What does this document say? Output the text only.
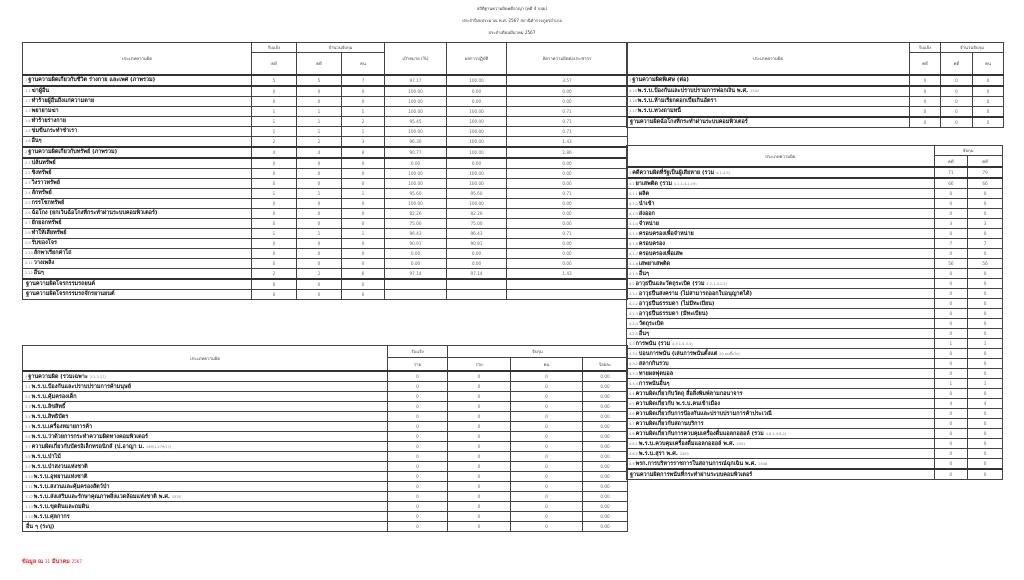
สถิติฐานความผิดคดีอาญา (คดี 4 กลุ่ม)
ประจำปีงบประมาณ พ.ศ. 2567 สถานีตำรวจภูธรอำเภอ
ประจำเดือนมีนาคม 2567
ประเภทความผิด	รับแจ้ง	จำนวนจับกุม		เป้าหมาย (%)	ผลการปฏิบัติ	อัตราความผิดต่อประชากร
	คดี	คดี	คน			
1ฐานความผิดเกี่ยวกับชีวิต ร่างกาย และเพศ (ภาพรวม)	5	5	7	97.17	100.00	3.57
1.1ฆ่าผู้อื่น	0	0	0	100.00	0.00	0.00
1.2ทำร้ายผู้อื่นถึงแก่ความตาย	0	0	0	100.00	0.00	0.00
1.3พยายามฆ่า	1	1	1	100.00	100.00	0.71
1.4ทำร้ายร่างกาย	1	1	2	95.45	100.00	0.71
1.5ข่มขืนกระทำชำเรา	1	1	1	100.00	100.00	0.71
1.6อื่นๆ	2	2	3	96.30	100.00	1.43
2ฐานความผิดเกี่ยวกับทรัพย์ (ภาพรวม)	4	4	8	90.77	100.00	2.86
2.1ปล้นทรัพย์	0	0	0	0.00	0.00	0.00
2.2ชิงทรัพย์	0	0	0	100.00	100.00	0.00
2.3วิ่งราวทรัพย์	0	0	0	100.00	100.00	0.00
2.4ลักทรัพย์	1	1	1	95.60	95.60	0.71
2.5กรรโชกทรัพย์	0	0	0	100.00	100.00	0.00
2.6ฉ้อโกง (ยกเว้นฉ้อโกงที่กระทำผ่านระบบคอมพิวเตอร์)	0	0	0	82.26	82.26	0.00
2.7ยักยอกทรัพย์	0	0	0	75.00	75.00	0.00
2.8ทำให้เสียทรัพย์	1	1	1	96.43	96.43	0.71
2.9รับของโจร	0	0	0	90.91	90.91	0.00
2.10ลักพาเรียกค่าไถ่	0	0	0	0.00	0.00	0.00
2.11วางเพลิง	0	0	0	0.00	0.00	0.00
2.12อื่นๆ	2	2	6	97.14	97.14	1.43
ฐานความผิดโจรกรรมรถยนต์	0	0	0			
ฐานความผิดโจรกรรมรถจักรยานยนต์	0	0	0			
ประเภทความผิด	รับแจ้ง	จับกุม		
	ราย	ราย	คน	ร้อยละ
3ฐานความผิด (รวมเฉพาะ 3.1-3.17)	0	0	0	0.00
3.1พ.ร.บ.ป้องกันและปราบปรามการค้ามนุษย์	0	0	0	0.00
3.2พ.ร.บ.คุ้มครองเด็ก	0	0	0	0.00
3.3พ.ร.บ.ลิขสิทธิ์	0	0	0	0.00
3.4พ.ร.บ.สิทธิบัตร	0	0	0	0.00
3.5พ.ร.บ.เครื่องหมายการค้า	0	0	0	0.00
3.6พ.ร.บ.ว่าด้วยการกระทำความผิดทางคอมพิวเตอร์	0	0	0	0.00
3.7ความผิดเกี่ยวกับบัตรอิเล็กทรอนิกส์ (ป.อาญา ม. 269/1-279/17)	0	0	0	0.00
3.8พ.ร.บ.ป่าไม้	0	0	0	0.00
3.9พ.ร.บ.ป่าสงวนแห่งชาติ	0	0	0	0.00
3.10พ.ร.บ.อุทยานแห่งชาติ	0	0	0	0.00
3.11พ.ร.บ.สงวนและคุ้มครองสัตว์ป่า	0	0	0	0.00
3.12พ.ร.บ.ส่งเสริมและรักษาคุณภาพสิ่งแวดล้อมแห่งชาติ พ.ศ. 2535	0	0	0	0.00
3.13พ.ร.บ.ขุดดินและถมดิน	0	0	0	0.00
3.14พ.ร.บ.ศุลกากร	0	0	0	0.00
อื่น ๆ (ระบุ)	0	0	0	0.00
ประเภทความผิด	รับแจ้ง	จำนวนจับกุม	
	คดี	คดี	คน
3ฐานความผิดพิเศษ (ต่อ)	0	0	0
3.15พ.ร.บ.ป้องกันและปราบปรามการฟอกเงิน พ.ศ. 2542	0	0	0
3.16พ.ร.บ.ห้ามเรียกดอกเบี้ยเกินอัตรา	0	0	0
3.17พ.ร.บ.ทวงถามหนี้	0	0	0
ฐานความผิดฉ้อโกงที่กระทำผ่านระบบคอมพิวเตอร์	0	0	0
ประเภทความผิด	จับกุม	
	คดี	คดี
4คดีความผิดที่รัฐเป็นผู้เสียหาย (รวม 4.1-4.9)	71	79
4.1ยาเสพติด (รวม 4.1.1-4.1.19)	66	66
4.1.1ผลิต	0	0
4.1.2นำเข้า	0	0
4.1.3ส่งออก	0	0
4.1.4จำหน่าย	3	3
4.1.5ครอบครองเพื่อจำหน่าย	0	0
4.1.6ครอบครอง	7	7
4.1.7ครอบครองเพื่อเสพ	0	0
4.1.8เสพยาเสพติด	56	56
4.1.9อื่นๆ	0	0
4.2อาวุธปืนและวัตถุระเบิด (รวม 4.2.1-4.2.5)	0	0
4.2.1อาวุธปืนสงคราม (ไม่สามารถออกใบอนุญาตได้)	0	0
4.2.2อาวุธปืนธรรมดา (ไม่มีทะเบียน)	0	0
4.2.3อาวุธปืนธรรมดา (มีทะเบียน)	0	0
4.2.4วัตถุระเบิด	0	0
4.2.5อื่นๆ	0	0
4.3การพนัน (รวม 4.3.1-4.3.4)	1	1
4.3.1บ่อนการพนัน (เล่นการพนันตั้งแต่ 20 คนขึ้นไป)	0	0
4.3.2สลากกินรวบ	0	0
4.3.3ทายผลฟุตบอล	0	0
4.3.4การพนันอื่นๆ	1	1
4.4ความผิดเกี่ยวกับวัตถุ สื่อสิ่งพิมพ์ลามกอนาจาร	0	0
4.5ความผิดเกี่ยวกับ พ.ร.บ.คนเข้าเมือง	4	4
4.6ความผิดเกี่ยวกับการป้องกันและปราบปรามการค้าประเวณี	0	0
4.7ความผิดเกี่ยวกับสถานบริการ	0	0
4.8ความผิดเกี่ยวกับการควบคุมเครื่องดื่มแอลกอฮอล์ (รวม 4.8.1-4.8.2)	0	0
4.8.1พ.ร.บ.ควบคุมเครื่องดื่มแอลกอฮอล์ พ.ศ. 2551	0	0
4.8.2พ.ร.บ.สุรา พ.ศ. 2493	0	0
4.9พรก.การบริหารราชการในสถานการณ์ฉุกเฉิน พ.ศ. 2548	0	0
ฐานความผิดการพนันที่กระทำผ่านระบบคอมพิวเตอร์	0	0
ข้อมูล ณ 31 มีนาคม 2567
